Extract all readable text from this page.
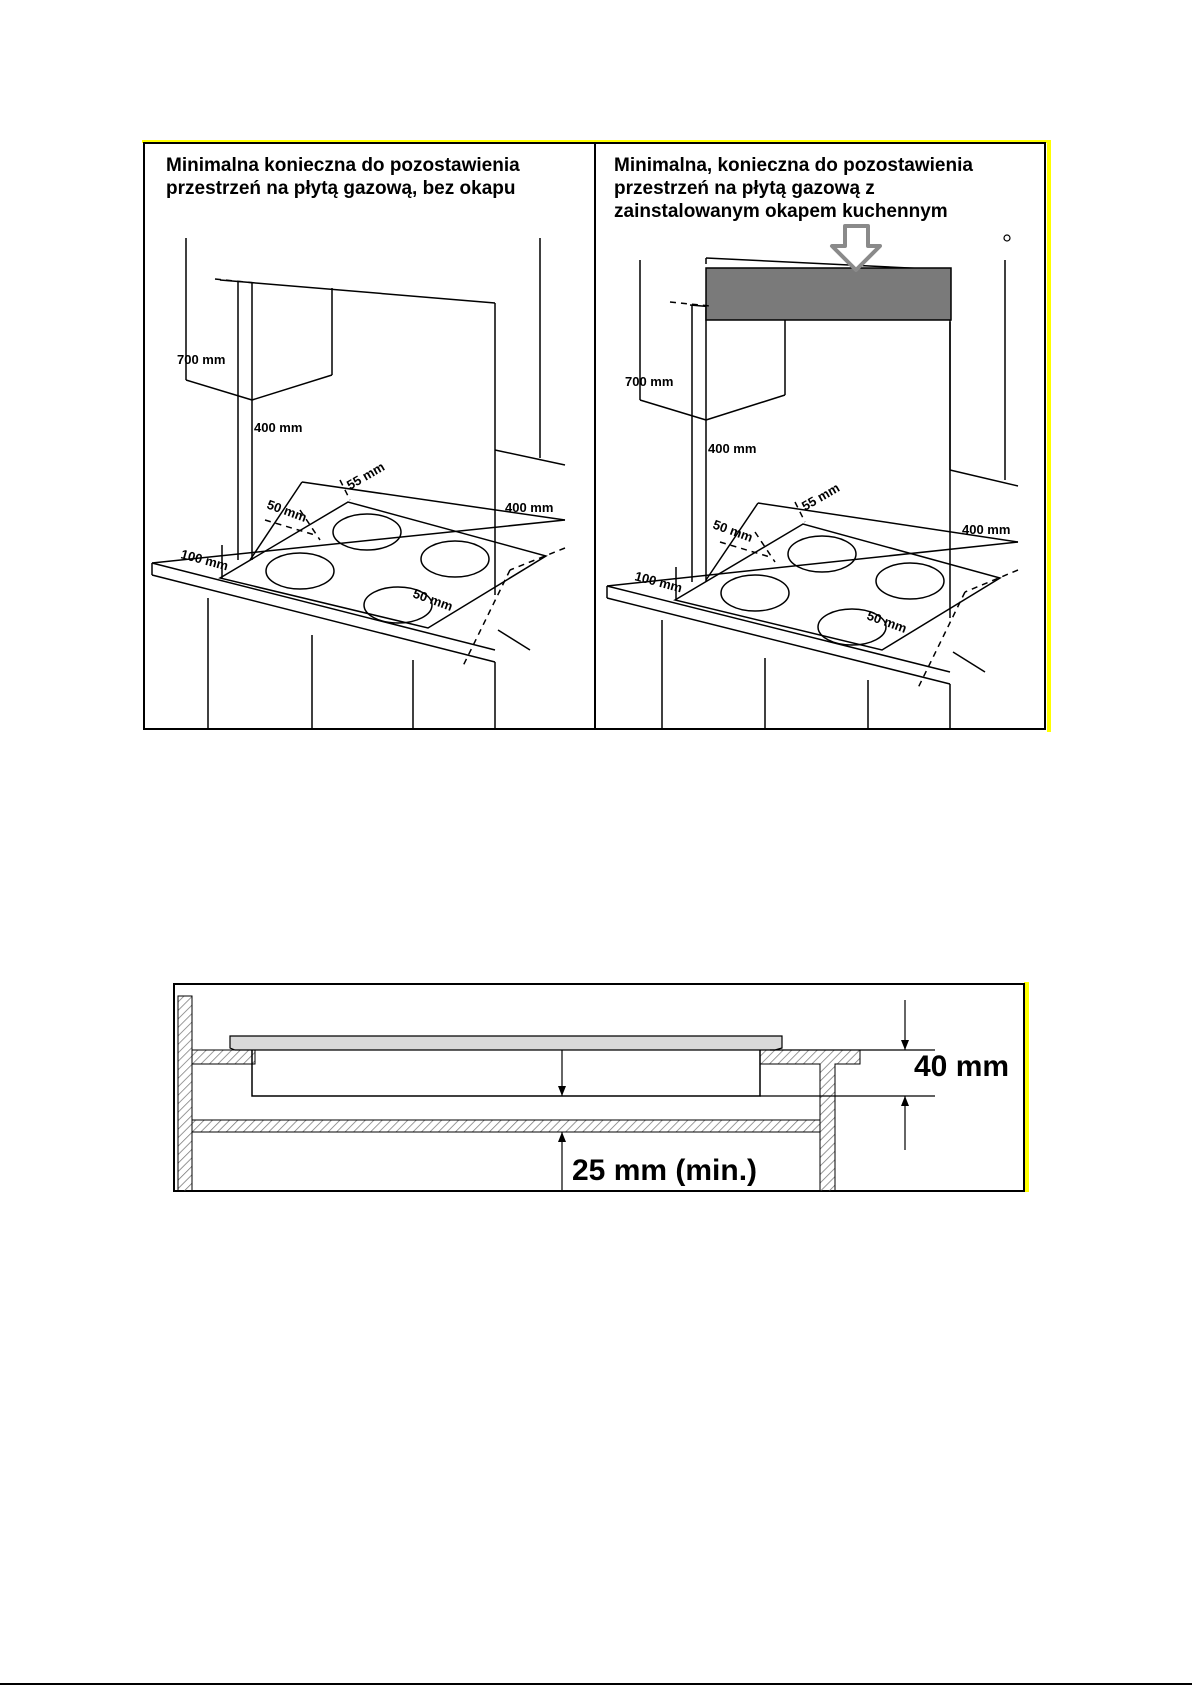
700 mm
400 mm
55 mm
50 mm
100 mm
400 mm
50 mm
700 mm
400 mm
55 mm
50 mm
100 mm
400 mm
50 mm
Minimalna konieczna do pozostawienia
przestrzeń na płytą gazową, bez okapu
Minimalna, konieczna do pozostawienia
przestrzeń na płytą gazową z
zainstalowanym okapem kuchennym
40 mm
25 mm (min.)
